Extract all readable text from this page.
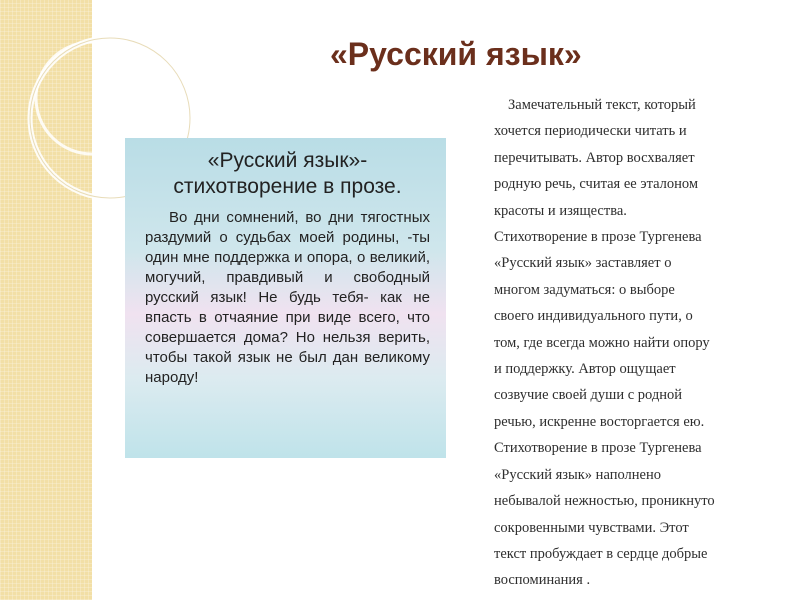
«Русский язык»
«Русский язык»-
стихотворение в прозе.

Во дни сомнений, во дни тягостных раздумий о судьбах моей родины, -ты один мне поддержка и опора, о великий, могучий, правдивый и свободный русский язык! Не будь тебя- как не впасть в отчаяние при виде всего, что совершается дома? Но нельзя верить, чтобы такой язык не был дан великому народу!

Замечательный текст, который
хочется периодически читать и
перечитывать. Автор восхваляет
родную речь, считая ее эталоном
красоты и изящества.
Стихотворение в прозе Тургенева
«Русский язык» заставляет о
многом задуматься: о выборе
своего индивидуального пути, о
том, где всегда можно найти опору
и поддержку. Автор ощущает
созвучие своей души с родной
речью, искренне восторгается ею.
Стихотворение в прозе Тургенева
«Русский язык» наполнено
небывалой нежностью, проникнуто
сокровенными чувствами. Этот
текст пробуждает в сердце добрые
воспоминания .
